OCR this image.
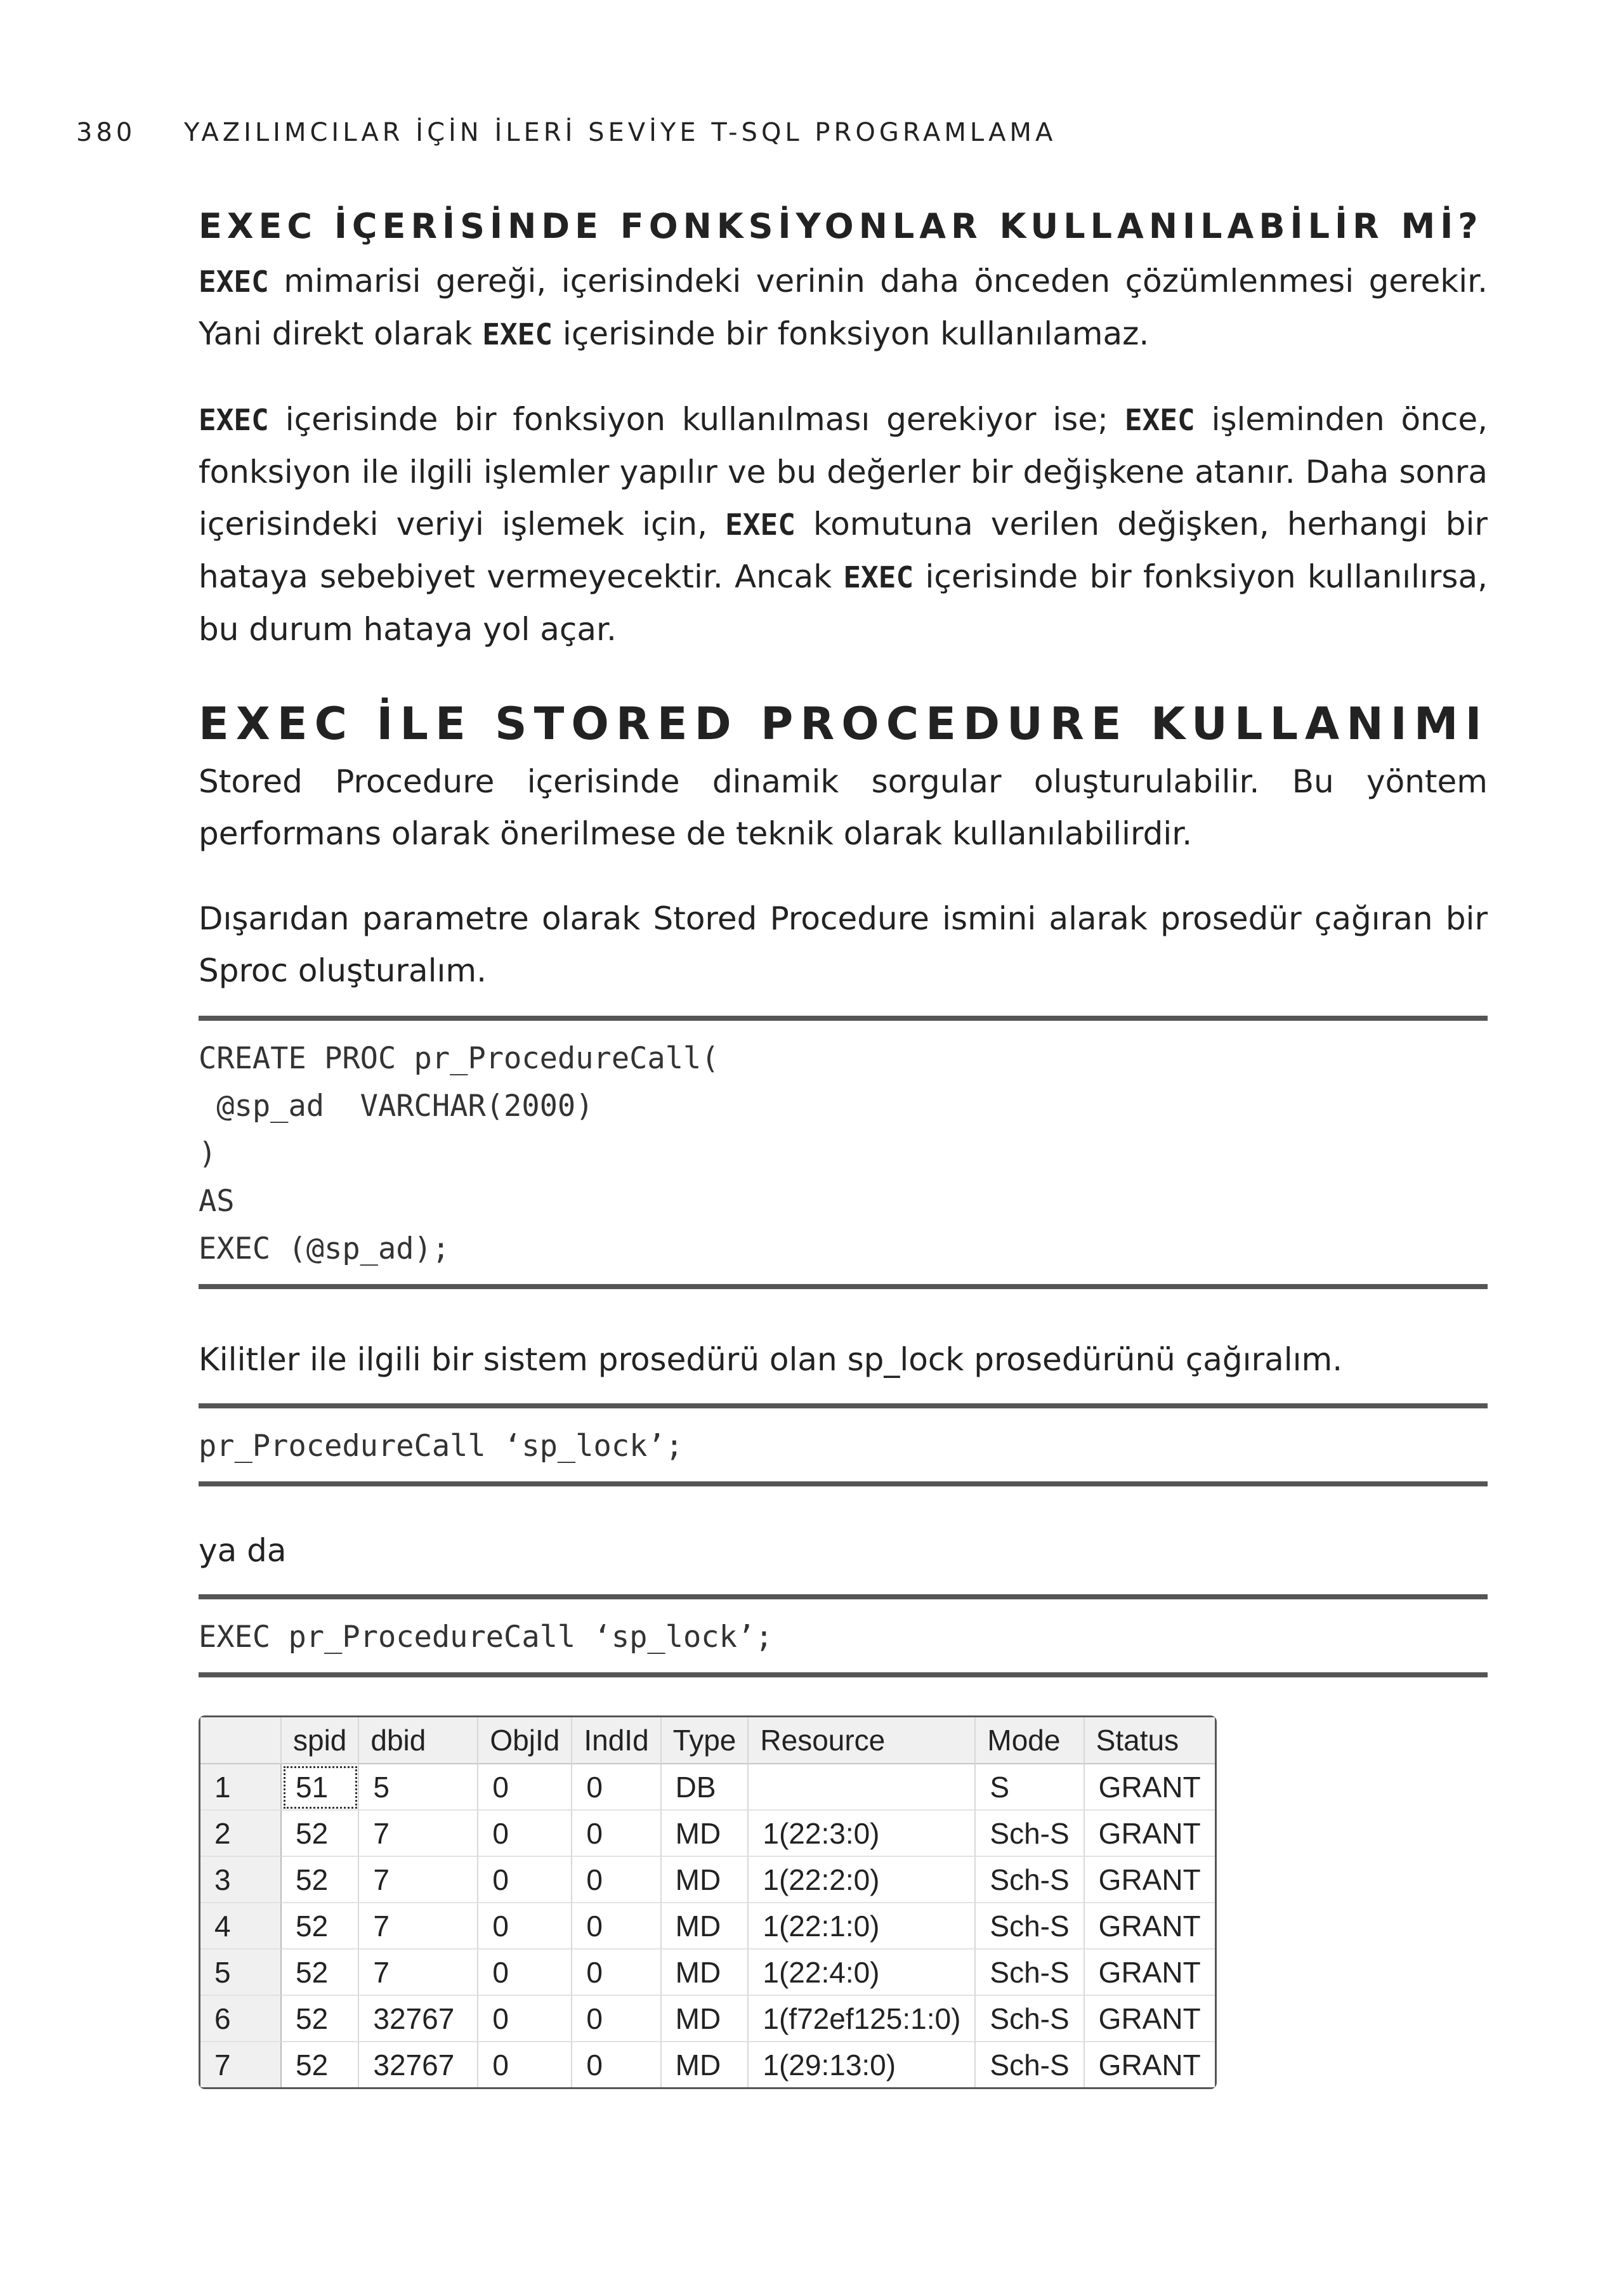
380 YAZILIMCILAR İÇİN İLERİ SEVİYE T-SQL PROGRAMLAMA
EXEC İÇERİSİNDE FONKSİYONLAR KULLANILABİLİR Mİ?

EXEC mimarisi gereği, içerisindeki verinin daha önceden çözümlenmesi gerekir. Yani direkt olarak EXEC içerisinde bir fonksiyon kullanılamaz.

EXEC içerisinde bir fonksiyon kullanılması gerekiyor ise; EXEC işleminden önce, fonksiyon ile ilgili işlemler yapılır ve bu değerler bir değişkene atanır. Daha sonra içerisindeki veriyi işlemek için, EXEC komutuna verilen değişken, herhangi bir hataya sebebiyet vermeyecektir. Ancak EXEC içerisinde bir fonksiyon kullanılırsa, bu durum hataya yol açar.

EXEC İLE STORED PROCEDURE KULLANIMI

Stored Procedure içerisinde dinamik sorgular oluşturulabilir. Bu yöntem performans olarak önerilmese de teknik olarak kullanılabilirdir.

Dışarıdan parametre olarak Stored Procedure ismini alarak prosedür çağıran bir Sproc oluşturalım.

CREATE PROC pr_ProcedureCall(
@sp_ad  VARCHAR(2000)
)
AS
EXEC (@sp_ad);

Kilitler ile ilgili bir sistem prosedürü olan sp_lock prosedürünü çağıralım.

pr_ProcedureCall ‘sp_lock’;

ya da

EXEC pr_ProcedureCall ‘sp_lock’;
	spid	dbid	ObjId	IndId	Type	Resource	Mode	Status
1	51	5	0	0	DB		S	GRANT
2	52	7	0	0	MD	1(22:3:0)	Sch-S	GRANT
3	52	7	0	0	MD	1(22:2:0)	Sch-S	GRANT
4	52	7	0	0	MD	1(22:1:0)	Sch-S	GRANT
5	52	7	0	0	MD	1(22:4:0)	Sch-S	GRANT
6	52	32767	0	0	MD	1(f72ef125:1:0)	Sch-S	GRANT
7	52	32767	0	0	MD	1(29:13:0)	Sch-S	GRANT
